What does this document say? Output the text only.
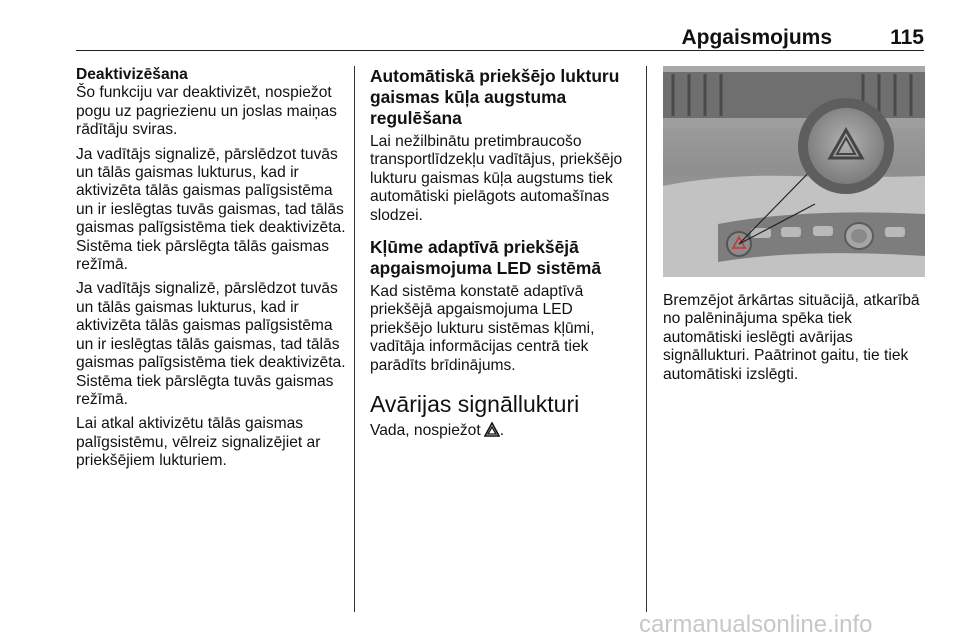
Apgaismojums	115
Deaktivizēšana

Šo funkciju var deaktivizēt, nospiežot pogu uz pagriezienu un joslas maiņas rādītāju sviras.

Ja vadītājs signalizē, pārslēdzot tuvās un tālās gaismas lukturus, kad ir aktivizēta tālās gaismas palīgsistēma un ir ieslēgtas tuvās gaismas, tad tālās gaismas palīgsistēma tiek deaktivizēta. Sistēma tiek pārslēgta tālās gaismas režīmā.

Ja vadītājs signalizē, pārslēdzot tuvās un tālās gaismas lukturus, kad ir aktivizēta tālās gaismas palīgsistēma un ir ieslēgtas tālās gaismas, tad tālās gaismas palīgsistēma tiek deaktivizēta. Sistēma tiek pārslēgta tuvās gaismas režīmā.

Lai atkal aktivizētu tālās gaismas palīgsistēmu, vēlreiz signalizējiet ar priekšējiem lukturiem.

Automātiskā priekšējo lukturu gaismas kūļa augstuma regulēšana

Lai nežilbinātu pretimbraucošo transportlīdzekļu vadītājus, priekšējo lukturu gaismas kūļa augstums tiek automātiski pielāgots automašīnas slodzei.

Kļūme adaptīvā priekšējā apgaismojuma LED sistēmā

Kad sistēma konstatē adaptīvā priekšējā apgaismojuma LED priekšējo lukturu sistēmas kļūmi, vadītāja informācijas centrā tiek parādīts brīdinājums.

Avārijas signāllukturi

Vada, nospiežot .

Bremzējot ārkārtas situācijā, atkarībā no palēninājuma spēka tiek automātiski ieslēgti avārijas signāllukturi. Paātrinot gaitu, tie tiek automātiski izslēgti.

carmanualsonline.info
